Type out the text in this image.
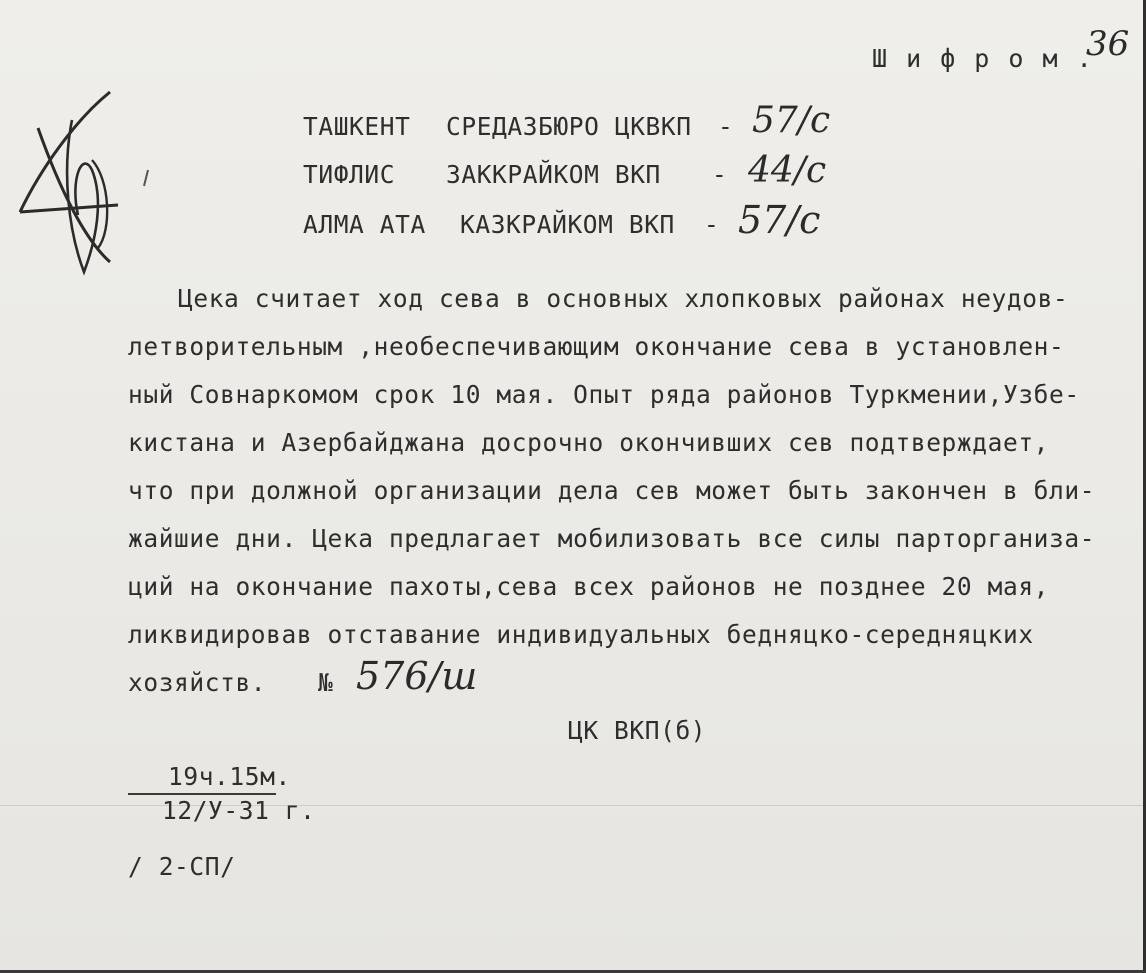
Ш и ф р о м .
36
ТАШКЕНТ СРЕДАЗБЮРО ЦКВКП - 57/с
ТИФЛИС ЗАККРАЙКОМ ВКП - 44/с
АЛМА АТА КАЗКРАЙКОМ ВКП - 57/с
Цека считает ход сева в основных хлопковых районах неудов-
летворительным ,необеспечивающим окончание сева в установлен-
ный Совнаркомом срок 10 мая. Опыт ряда районов Туркмении,Узбе-
кистана и Азербайджана досрочно окончивших сев подтверждает,
что при должной организации дела сев может быть закончен в бли-
жайшие дни. Цека предлагает мобилизовать все силы парторганиза-
ций на окончание пахоты,сева всех районов не позднее 20 мая,
ликвидировав отставание индивидуальных бедняцко-середняцких
хозяйств. № 576/ш
ЦК ВКП(б)
19ч.15м.
12/У-31 г.
/ 2-СП/
